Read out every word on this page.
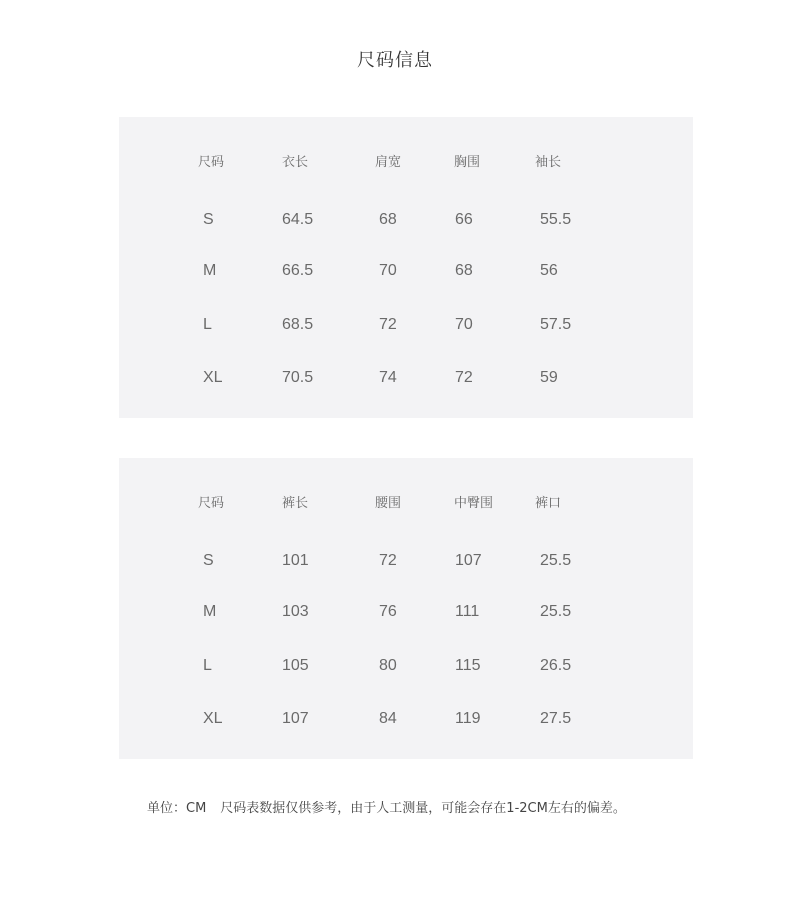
尺码信息
尺码	衣长	肩宽	胸围	袖长
S	64.5	68	66	55.5
M	66.5	70	68	56
L	68.5	72	70	57.5
XL	70.5	74	72	59
尺码	裤长	腰围	中臀围	裤口
S	101	72	107	25.5
M	103	76	111	25.5
L	105	80	115	26.5
XL	107	84	119	27.5
单位：CM 尺码表数据仅供参考，由于人工测量，可能会存在1-2CM左右的偏差。
